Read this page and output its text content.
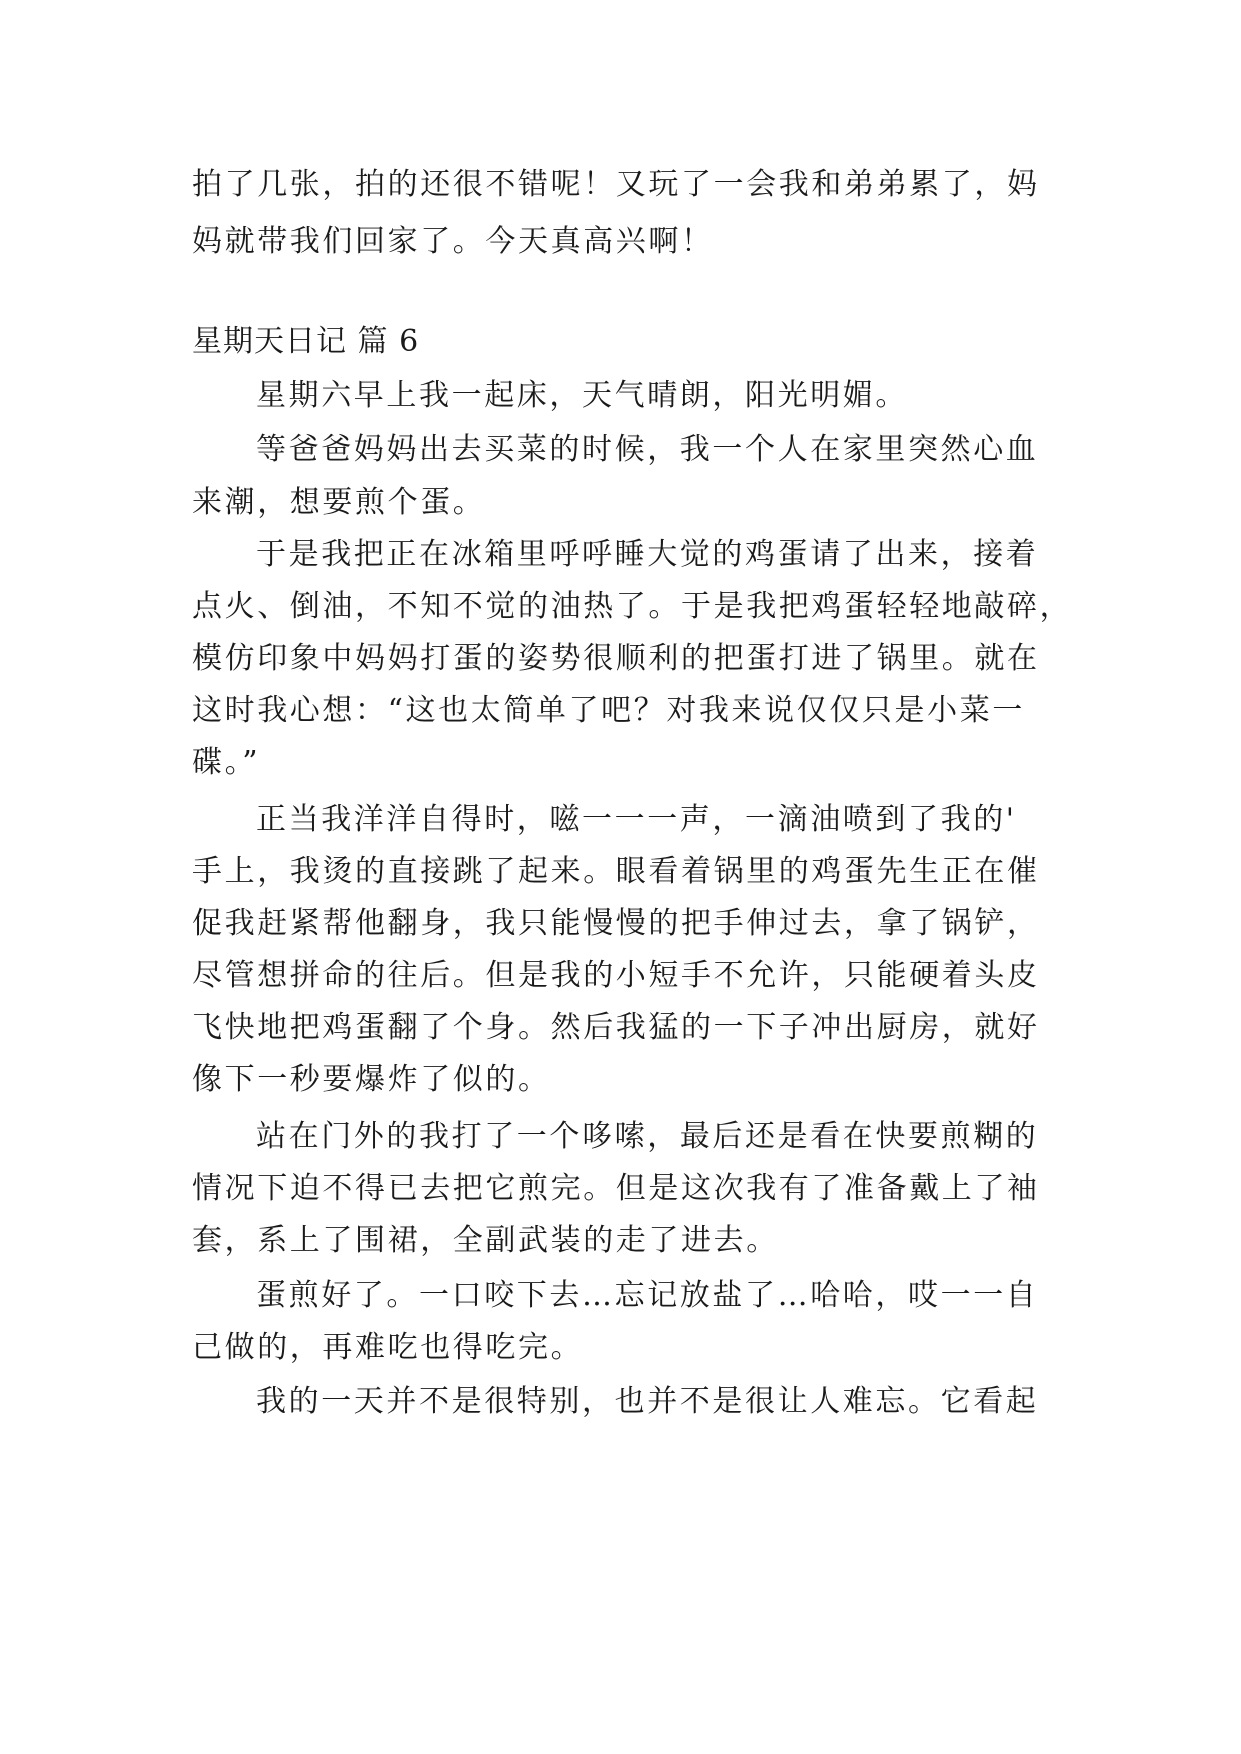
拍了几张，拍的还很不错呢！又玩了一会我和弟弟累了，妈
妈就带我们回家了。今天真高兴啊！
星期天日记 篇 6
星期六早上我一起床，天气晴朗，阳光明媚。
等爸爸妈妈出去买菜的时候，我一个人在家里突然心血
来潮，想要煎个蛋。
于是我把正在冰箱里呼呼睡大觉的鸡蛋请了出来，接着
点火、倒油，不知不觉的油热了。于是我把鸡蛋轻轻地敲碎，
模仿印象中妈妈打蛋的姿势很顺利的把蛋打进了锅里。就在
这时我心想：“这也太简单了吧？对我来说仅仅只是小菜一
碟。”
正当我洋洋自得时，嗞一一一声，一滴油喷到了我的'
手上，我烫的直接跳了起来。眼看着锅里的鸡蛋先生正在催
促我赶紧帮他翻身，我只能慢慢的把手伸过去，拿了锅铲，
尽管想拼命的往后。但是我的小短手不允许，只能硬着头皮
飞快地把鸡蛋翻了个身。然后我猛的一下子冲出厨房，就好
像下一秒要爆炸了似的。
站在门外的我打了一个哆嗦，最后还是看在快要煎糊的
情况下迫不得已去把它煎完。但是这次我有了准备戴上了袖
套，系上了围裙，全副武装的走了进去。
蛋煎好了。一口咬下去…忘记放盐了…哈哈，哎一一自
己做的，再难吃也得吃完。
我的一天并不是很特别，也并不是很让人难忘。它看起
